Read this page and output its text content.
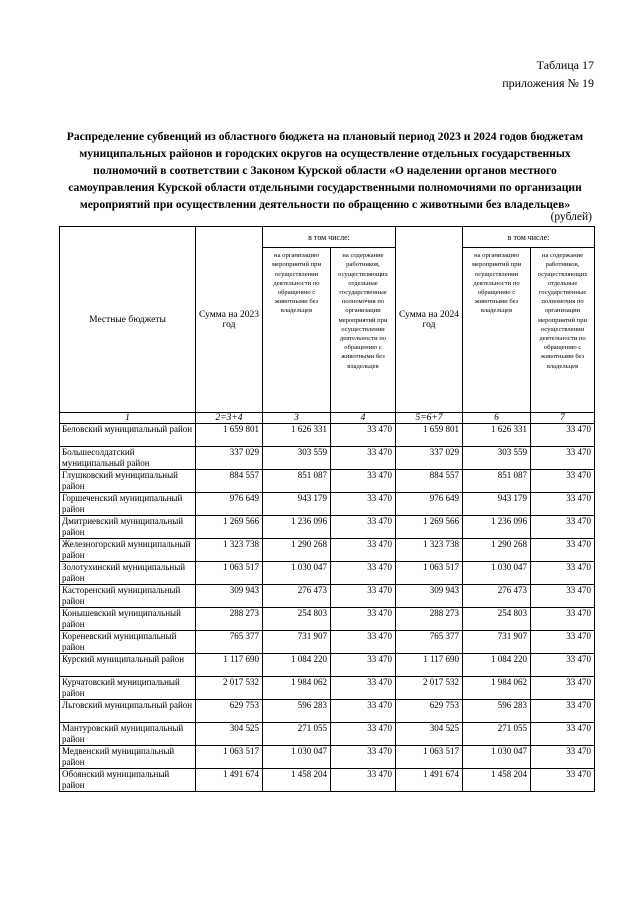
Таблица 17
приложения № 19
Распределение субвенций из областного бюджета на плановый период 2023 и 2024 годов бюджетам муниципальных районов и городских округов на осуществление отдельных государственных полномочий в соответствии с Законом Курской области «О наделении органов местного самоуправления Курской области отдельными государственными полномочиями по организации мероприятий при осуществлении деятельности по обращению с животными без владельцев»
(рублей)
Местные бюджеты	Сумма на 2023 год	в том числе:		Сумма на 2024 год	в том числе:	
		на организацию мероприятий при осуществлении деятельности по обращению с животными без владельцев	на содержание работников, осуществляющих отдельные государственные полномочия по организации мероприятий при осуществлении деятельности по обращению с животными без владельцев		на организацию мероприятий при осуществлении деятельности по обращению с животными без владельцев	на содержание работников, осуществляющих отдельные государственные полномочия по организации мероприятий при осуществлении деятельности по обращению с животными без владельцев
1	2=3+4	3	4	5=6+7	6	7
Беловский муниципальный район	1 659 801	1 626 331	33 470	1 659 801	1 626 331	33 470
Большесолдатский муниципальный район	337 029	303 559	33 470	337 029	303 559	33 470
Глушковский муниципальный район	884 557	851 087	33 470	884 557	851 087	33 470
Горшеченский муниципальный район	976 649	943 179	33 470	976 649	943 179	33 470
Дмитриевский муниципальный район	1 269 566	1 236 096	33 470	1 269 566	1 236 096	33 470
Железногорский муниципальный район	1 323 738	1 290 268	33 470	1 323 738	1 290 268	33 470
Золотухинский муниципальный район	1 063 517	1 030 047	33 470	1 063 517	1 030 047	33 470
Касторенский муниципальный район	309 943	276 473	33 470	309 943	276 473	33 470
Конышевский муниципальный район	288 273	254 803	33 470	288 273	254 803	33 470
Кореневский муниципальный район	765 377	731 907	33 470	765 377	731 907	33 470
Курский муниципальный район	1 117 690	1 084 220	33 470	1 117 690	1 084 220	33 470
Курчатовский муниципальный район	2 017 532	1 984 062	33 470	2 017 532	1 984 062	33 470
Льговский муниципальный район	629 753	596 283	33 470	629 753	596 283	33 470
Мантуровский муниципальный район	304 525	271 055	33 470	304 525	271 055	33 470
Медвенский муниципальный район	1 063 517	1 030 047	33 470	1 063 517	1 030 047	33 470
Обоянский муниципальный район	1 491 674	1 458 204	33 470	1 491 674	1 458 204	33 470
